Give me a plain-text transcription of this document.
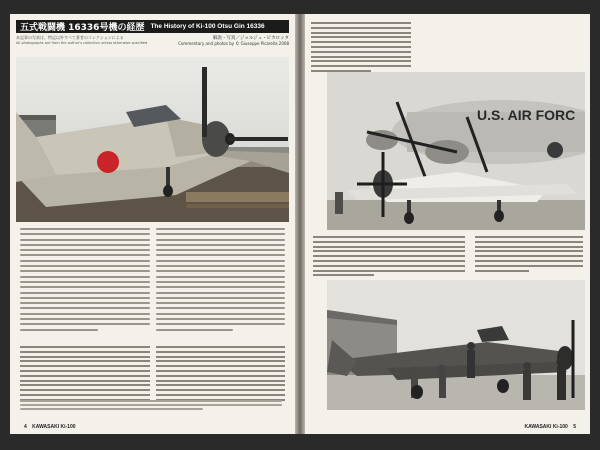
五式戦闘機 16336号機の経歴 The History of Ki-100 Otsu Gin 16336
本記事の写真は、特記以外すべて著者のコレクションによる
All photographs are from the author's collection unless otherwise specified
解説・写真／ジョルジュ・ピカロッタ
Commentary and photos by © Giuseppe Picarella 2008
4 KAWASAKI Ki-100
U.S. AIR FORC
KAWASAKI Ki-100 5
